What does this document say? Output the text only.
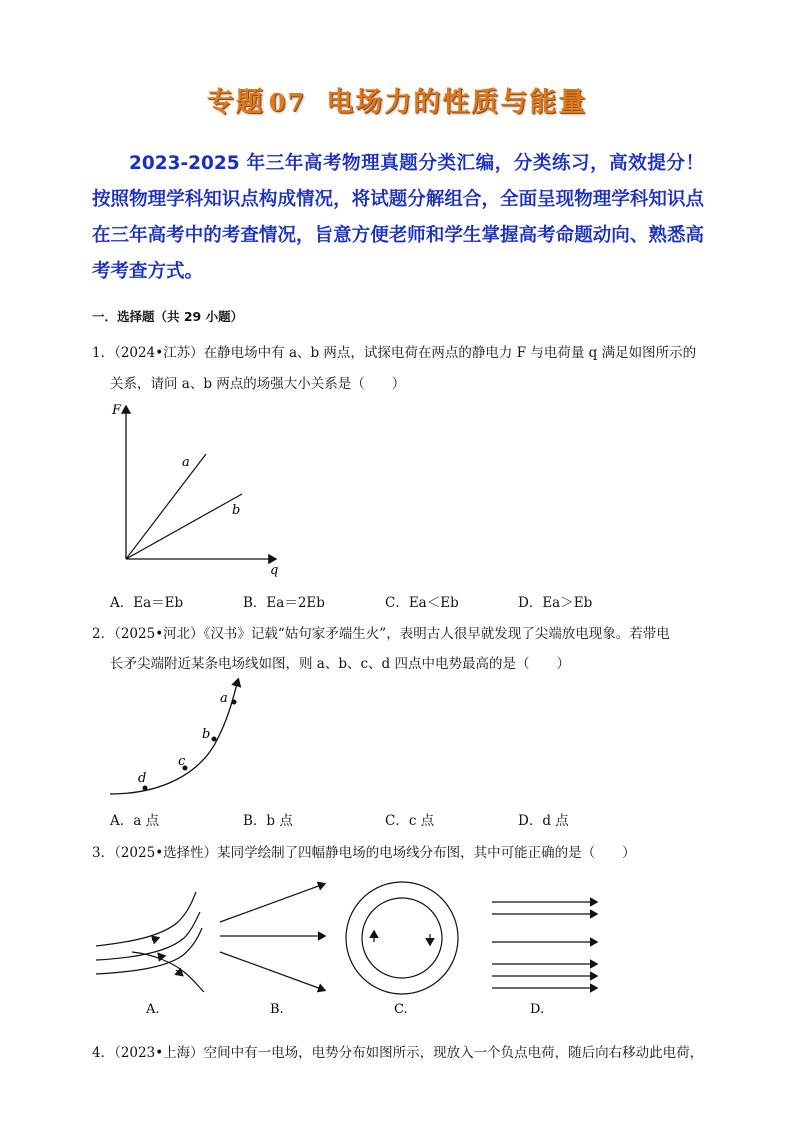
专题 07 电场力的性质与能量
2023-2025 年三年高考物理真题分类汇编，分类练习，高效提分！按照物理学科知识点构成情况，将试题分解组合，全面呈现物理学科知识点在三年高考中的考查情况，旨意方便老师和学生掌握高考命题动向、熟悉高考考查方式。
一．选择题（共 29 小题）
1．（2024•江苏）在静电场中有 a、b 两点，试探电荷在两点的静电力 F 与电荷量 q 满足如图所示的
关系，请问 a、b 两点的场强大小关系是（　　）
F
q
a
b
A．Ea＝Eb	B．Ea＝2Eb	C．Ea＜Eb	D．Ea＞Eb
2．（2025•河北）《汉书》记载“姑句家矛端生火”，表明古人很早就发现了尖端放电现象。若带电
长矛尖端附近某条电场线如图，则 a、b、c、d 四点中电势最高的是（　　）
a
b
c
d
A．a 点	B．b 点	C．c 点	D．d 点
3．（2025•选择性）某同学绘制了四幅静电场的电场线分布图，其中可能正确的是（　　）
A.	B.	C.	D.
4．（2023•上海）空间中有一电场，电势分布如图所示，现放入一个负点电荷，随后向右移动此电荷，
